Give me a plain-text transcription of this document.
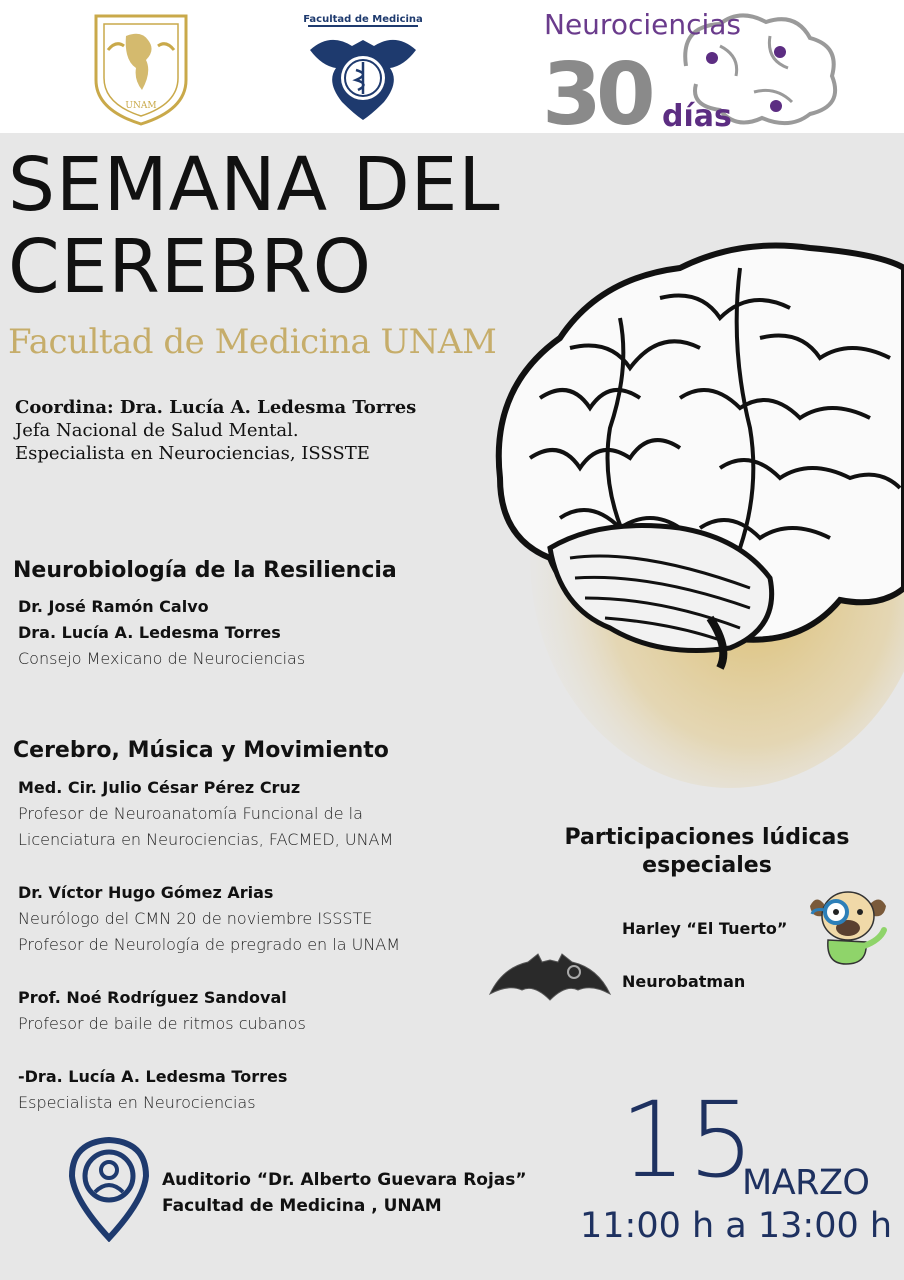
UNAM
Facultad de Medicina	Neurociencias
30 días
SEMANA DEL
CEREBRO
Facultad de Medicina UNAM
Coordina: Dra. Lucía A. Ledesma Torres
Jefa Nacional de Salud Mental.
Especialista en Neurociencias, ISSSTE
Neurobiología de la Resiliencia
Dr. José Ramón Calvo
Dra. Lucía A. Ledesma Torres
Consejo Mexicano de Neurociencias
Cerebro, Música y Movimiento
Med. Cir. Julio César Pérez Cruz
Profesor de Neuroanatomía Funcional de la
Licenciatura en Neurociencias, FACMED, UNAM
Dr. Víctor Hugo Gómez Arias
Neurólogo del CMN 20 de noviembre ISSSTE
Profesor de Neurología de pregrado en la UNAM
Prof. Noé Rodríguez Sandoval
Profesor de baile de ritmos cubanos
-Dra. Lucía A. Ledesma Torres
Especialista en Neurociencias
Participaciones lúdicas especiales
Harley “El Tuerto”
Neurobatman
Auditorio “Dr. Alberto Guevara Rojas”
Facultad de Medicina , UNAM
15
MARZO
11:00 h a 13:00 h
